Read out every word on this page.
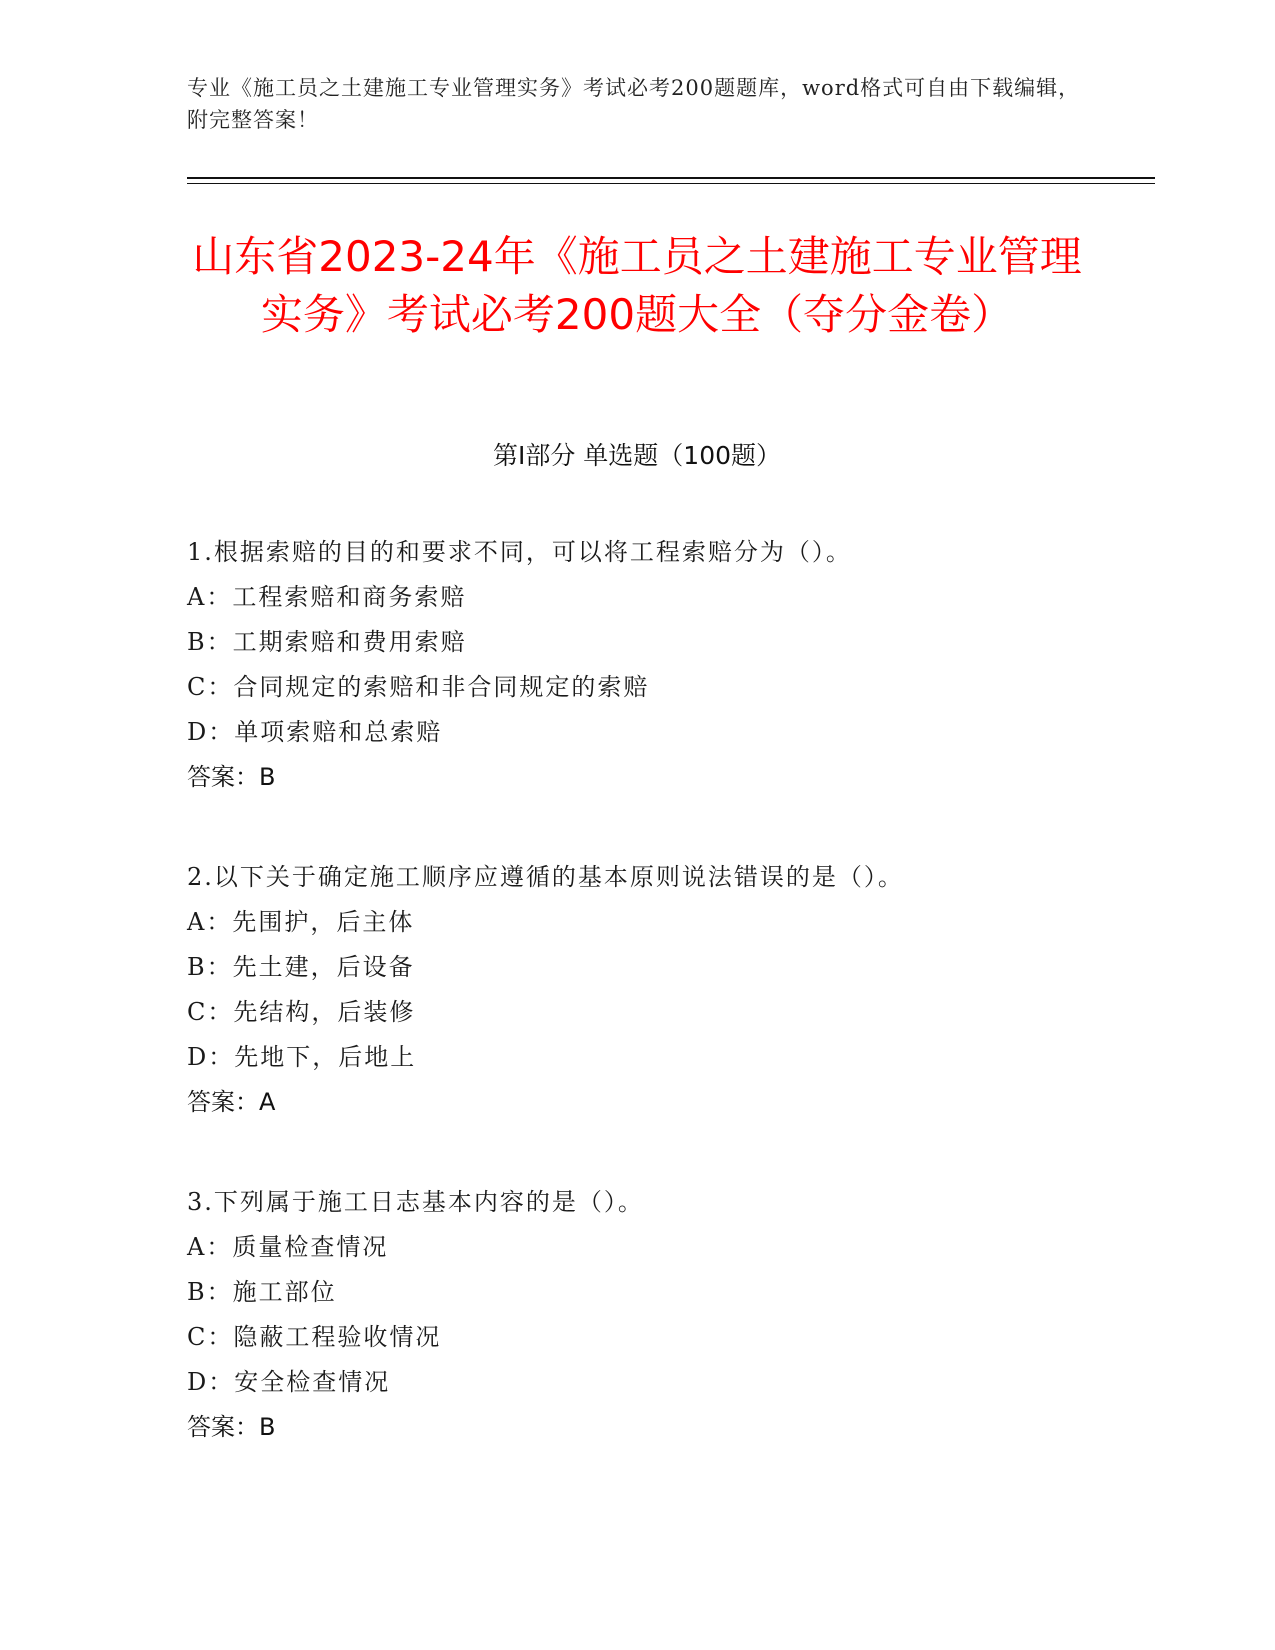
专业《施工员之土建施工专业管理实务》考试必考200题题库，word格式可自由下载编辑，附完整答案！
山东省2023-24年《施工员之土建施工专业管理实务》考试必考200题大全（夺分金卷）
第I部分 单选题（100题）
1.根据索赔的目的和要求不同，可以将工程索赔分为（）。
A：工程索赔和商务索赔
B：工期索赔和费用索赔
C：合同规定的索赔和非合同规定的索赔
D：单项索赔和总索赔
答案：B
2.以下关于确定施工顺序应遵循的基本原则说法错误的是（）。
A：先围护，后主体
B：先土建，后设备
C：先结构，后装修
D：先地下，后地上
答案：A
3.下列属于施工日志基本内容的是（）。
A：质量检查情况
B：施工部位
C：隐蔽工程验收情况
D：安全检查情况
答案：B
